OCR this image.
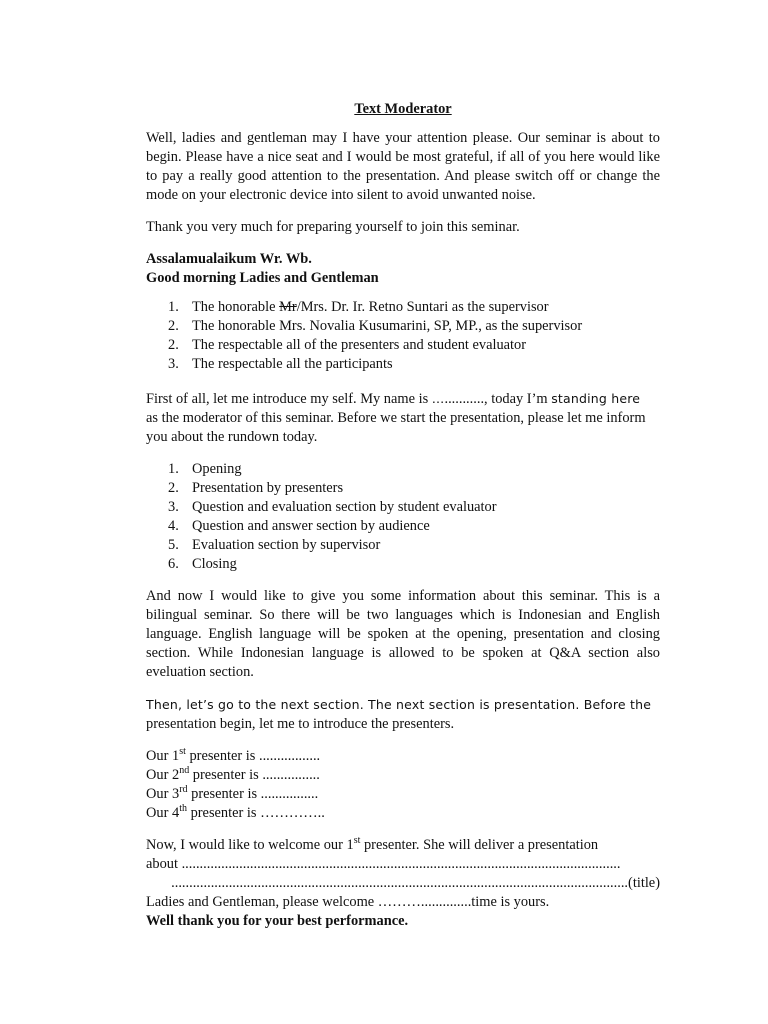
Text Moderator

Well, ladies and gentleman may I have your attention please. Our seminar is about to begin. Please have a nice seat and I would be most grateful, if all of you here would like to pay a really good attention to the presentation. And please switch off or change the mode on your electronic device into silent to avoid unwanted noise.

Thank you very much for preparing yourself to join this seminar.

Assalamualaikum Wr. Wb.

Good morning Ladies and Gentleman

1. The honorable Mr/Mrs. Dr. Ir. Retno Suntari as the supervisor
2. The honorable Mrs. Novalia Kusumarini, SP, MP., as the supervisor
2. The respectable all of the presenters and student evaluator
3. The respectable all the participants

First of all, let me introduce my self. My name is …..........., today I’m standing here
as the moderator of this seminar. Before we start the presentation, please let me inform you about the rundown today.

1. Opening
2. Presentation by presenters
3. Question and evaluation section by student evaluator
4. Question and answer section by audience
5. Evaluation section by supervisor
6. Closing

And now I would like to give you some information about this seminar. This is a bilingual seminar. So there will be two languages which is Indonesian and English language. English language will be spoken at the opening, presentation and closing section. While Indonesian language is allowed to be spoken at Q&A section also eveluation section.

Then, let’s go to the next section. The next section is presentation. Before the
presentation begin, let me to introduce the presenters.

Our 1st presenter is .................

Our 2nd presenter is ................

Our 3rd presenter is ................

Our 4th presenter is …………..

Now, I would like to welcome our 1st presenter. She will deliver a presentation

about ..........................................................................................................................
...............................................................................................................................(title)

Ladies and Gentleman, please welcome ………..............time is yours.

Well thank you for your best performance.
